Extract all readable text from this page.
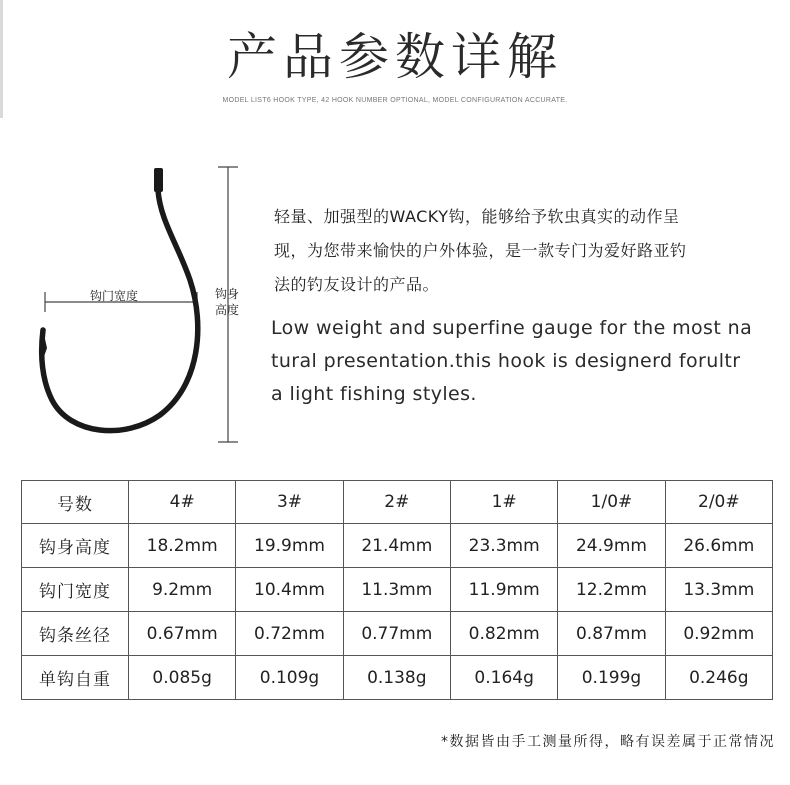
产品参数详解
MODEL LIST6 HOOK TYPE, 42 HOOK NUMBER OPTIONAL, MODEL CONFIGURATION ACCURATE.
钩门宽度	钩身
高度
轻量、加强型的WACKY钩，能够给予软虫真实的动作呈
现，为您带来愉快的户外体验，是一款专门为爱好路亚钓
法的钓友设计的产品。
Low weight and superfine gauge for the most na
tural presentation.this hook is designerd forultr
a light fishing styles.
号数	4#	3#	2#	1#	1/0#	2/0#
钩身高度	18.2mm	19.9mm	21.4mm	23.3mm	24.9mm	26.6mm
钩门宽度	9.2mm	10.4mm	11.3mm	11.9mm	12.2mm	13.3mm
钩条丝径	0.67mm	0.72mm	0.77mm	0.82mm	0.87mm	0.92mm
单钩自重	0.085g	0.109g	0.138g	0.164g	0.199g	0.246g
*数据皆由手工测量所得，略有误差属于正常情况
